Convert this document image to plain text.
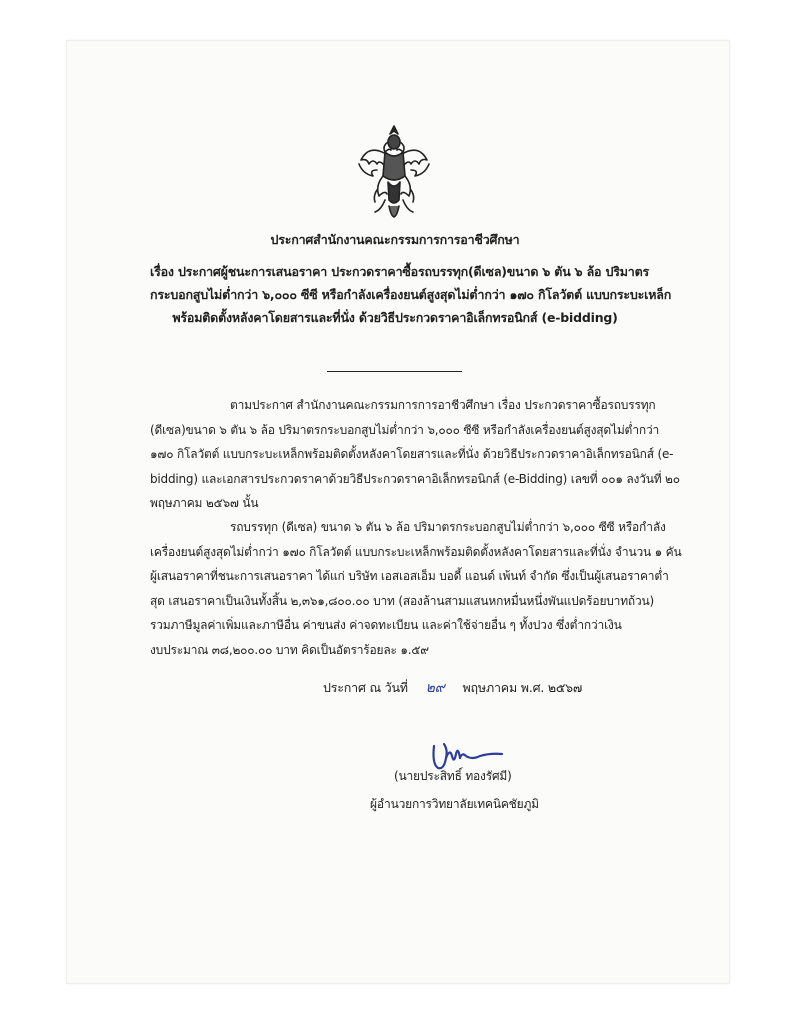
ประกาศสำนักงานคณะกรรมการการอาชีวศึกษา
เรื่อง ประกาศผู้ชนะการเสนอราคา ประกวดราคาซื้อรถบรรทุก(ดีเซล)ขนาด ๖ ตัน ๖ ล้อ ปริมาตร
กระบอกสูบไม่ต่ำกว่า ๖,๐๐๐ ซีซี หรือกำลังเครื่องยนต์สูงสุดไม่ต่ำกว่า ๑๗๐ กิโลวัตต์ แบบกระบะเหล็ก
พร้อมติดตั้งหลังคาโดยสารและที่นั่ง ด้วยวิธีประกวดราคาอิเล็กทรอนิกส์ (e-bidding)
ตามประกาศ สำนักงานคณะกรรมการการอาชีวศึกษา เรื่อง ประกวดราคาซื้อรถบรรทุก
(ดีเซล)ขนาด ๖ ตัน ๖ ล้อ ปริมาตรกระบอกสูบไม่ต่ำกว่า ๖,๐๐๐ ซีซี หรือกำลังเครื่องยนต์สูงสุดไม่ต่ำกว่า
๑๗๐ กิโลวัตต์ แบบกระบะเหล็กพร้อมติดตั้งหลังคาโดยสารและที่นั่ง ด้วยวิธีประกวดราคาอิเล็กทรอนิกส์ (e-
bidding) และเอกสารประกวดราคาด้วยวิธีประกวดราคาอิเล็กทรอนิกส์ (e-Bidding) เลขที่ ๐๐๑ ลงวันที่ ๒๐
พฤษภาคม ๒๕๖๗ นั้น
รถบรรทุก (ดีเซล) ขนาด ๖ ตัน ๖ ล้อ ปริมาตรกระบอกสูบไม่ต่ำกว่า ๖,๐๐๐ ซีซี หรือกำลัง
เครื่องยนต์สูงสุดไม่ต่ำกว่า ๑๗๐ กิโลวัตต์ แบบกระบะเหล็กพร้อมติดตั้งหลังคาโดยสารและที่นั่ง จำนวน ๑ คัน
ผู้เสนอราคาที่ชนะการเสนอราคา ได้แก่ บริษัท เอสเอสเอ็ม บอดี้ แอนด์ เพ้นท์ จำกัด ซึ่งเป็นผู้เสนอราคาต่ำ
สุด เสนอราคาเป็นเงินทั้งสิ้น ๒,๓๖๑,๘๐๐.๐๐ บาท (สองล้านสามแสนหกหมื่นหนึ่งพันแปดร้อยบาทถ้วน)
รวมภาษีมูลค่าเพิ่มและภาษีอื่น ค่าขนส่ง ค่าจดทะเบียน และค่าใช้จ่ายอื่น ๆ ทั้งปวง ซึ่งต่ำกว่าเงิน
งบประมาณ ๓๘,๒๐๐.๐๐ บาท คิดเป็นอัตราร้อยละ ๑.๕๙
ประกาศ ณ วันที่ ๒๙ พฤษภาคม พ.ศ. ๒๕๖๗
(นายประสิทธิ์ ทองรัศมี)
ผู้อำนวยการวิทยาลัยเทคนิคชัยภูมิ
